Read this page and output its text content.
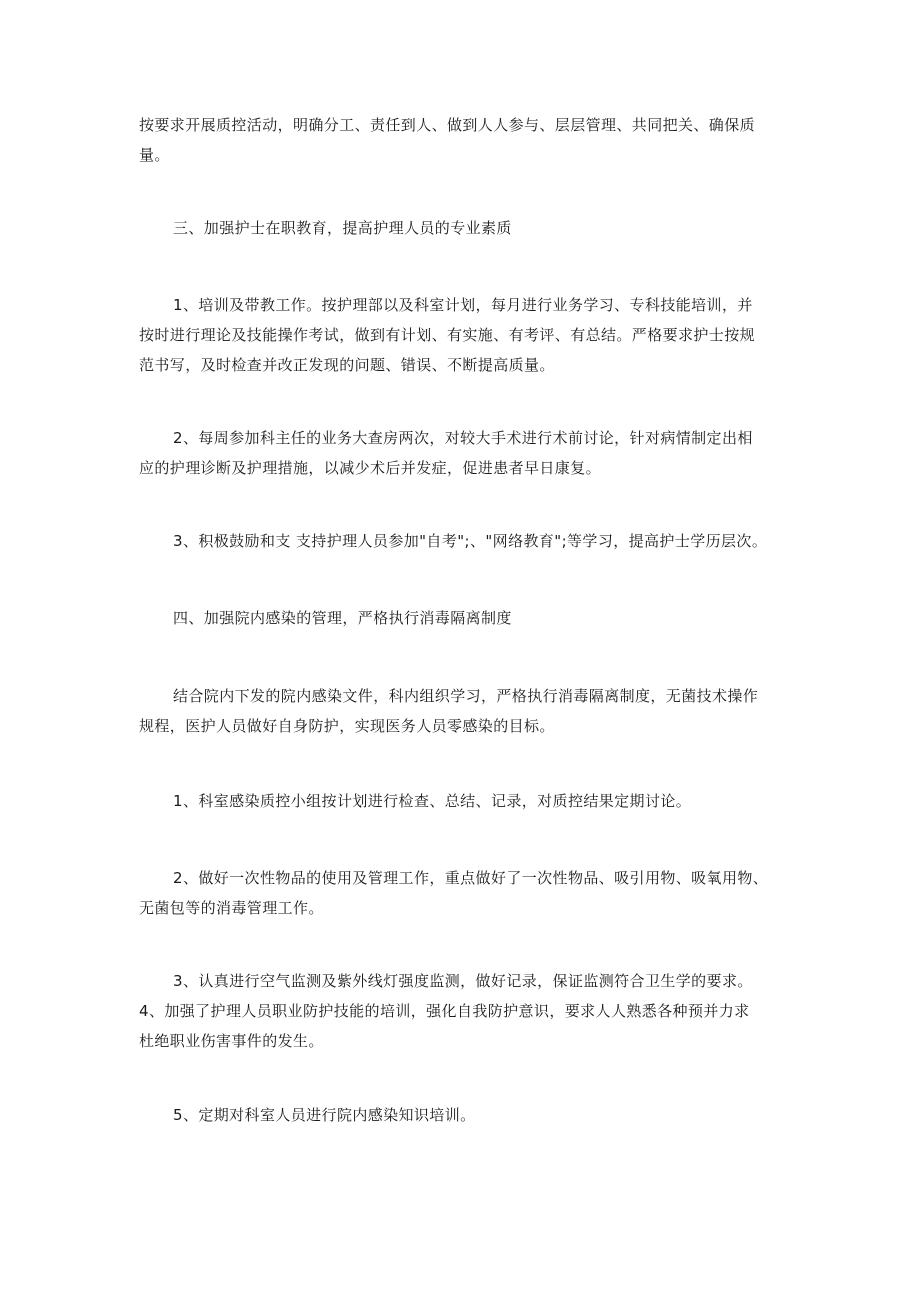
按要求开展质控活动，明确分工、责任到人、做到人人参与、层层管理、共同把关、确保质
量。
三、加强护士在职教育，提高护理人员的专业素质
1、培训及带教工作。按护理部以及科室计划，每月进行业务学习、专科技能培训，并
按时进行理论及技能操作考试，做到有计划、有实施、有考评、有总结。严格要求护士按规
范书写，及时检查并改正发现的问题、错误、不断提高质量。
2、每周参加科主任的业务大查房两次，对较大手术进行术前讨论，针对病情制定出相
应的护理诊断及护理措施，以减少术后并发症，促进患者早日康复。
3、积极鼓励和支 支持护理人员参加"自考";、"网络教育";等学习，提高护士学历层次。
四、加强院内感染的管理，严格执行消毒隔离制度
结合院内下发的院内感染文件，科内组织学习，严格执行消毒隔离制度，无菌技术操作
规程，医护人员做好自身防护，实现医务人员零感染的目标。
1、科室感染质控小组按计划进行检查、总结、记录，对质控结果定期讨论。
2、做好一次性物品的使用及管理工作，重点做好了一次性物品、吸引用物、吸氧用物、
无菌包等的消毒管理工作。
3、认真进行空气监测及紫外线灯强度监测，做好记录，保证监测符合卫生学的要求。
4、加强了护理人员职业防护技能的培训，强化自我防护意识，要求人人熟悉各种预并力求
杜绝职业伤害事件的发生。
5、定期对科室人员进行院内感染知识培训。
